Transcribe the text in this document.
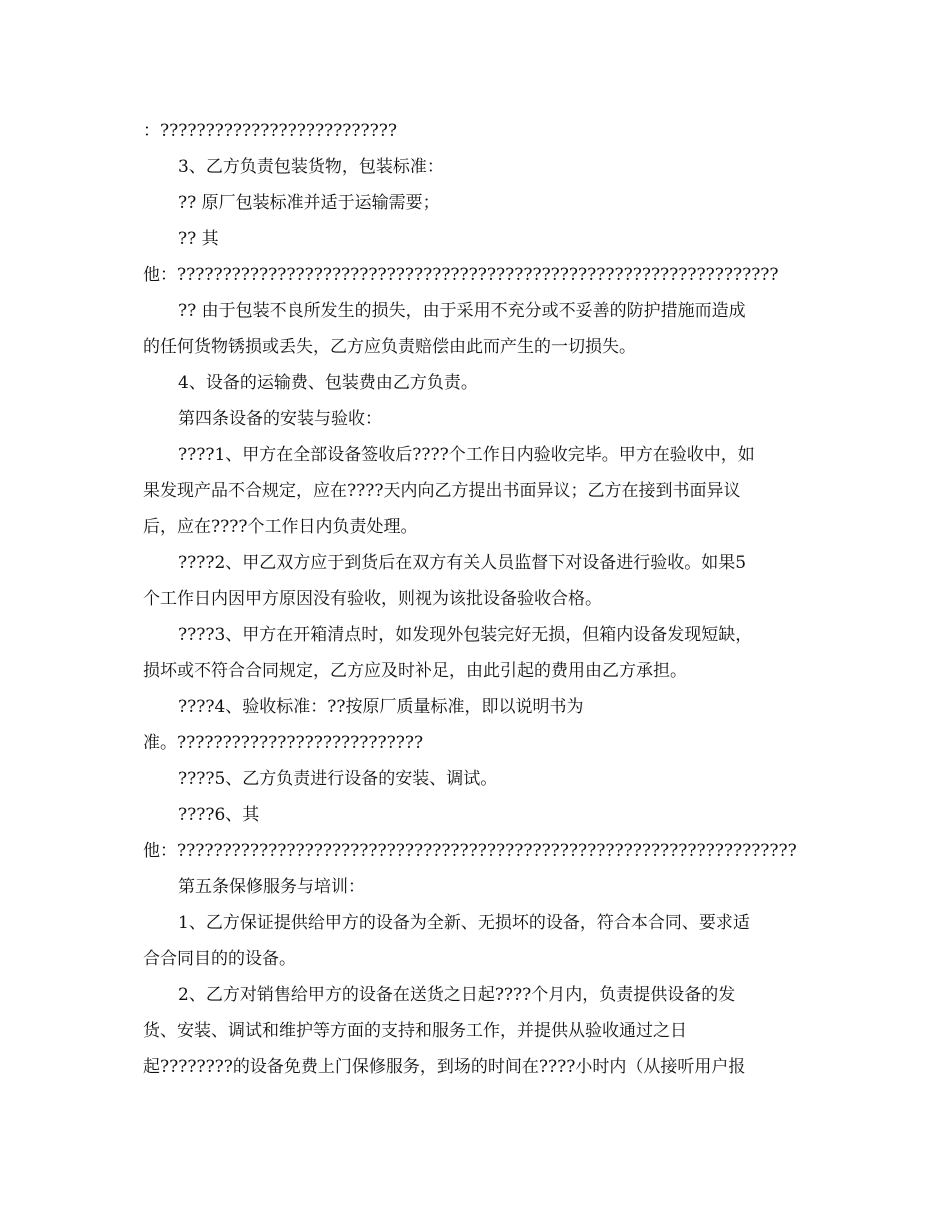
：??????????????????????????
3、乙方负责包装货物，包装标准：
?? 原厂包装标准并适于运输需要；
?? 其
他：??????????????????????????????????????????????????????????????????
?? 由于包装不良所发生的损失，由于采用不充分或不妥善的防护措施而造成
的任何货物锈损或丢失，乙方应负责赔偿由此而产生的一切损失。
4、设备的运输费、包装费由乙方负责。
第四条设备的安装与验收：
????1、甲方在全部设备签收后????个工作日内验收完毕。甲方在验收中，如
果发现产品不合规定，应在????天内向乙方提出书面异议；乙方在接到书面异议
后，应在????个工作日内负责处理。
????2、甲乙双方应于到货后在双方有关人员监督下对设备进行验收。如果5
个工作日内因甲方原因没有验收，则视为该批设备验收合格。
????3、甲方在开箱清点时，如发现外包装完好无损，但箱内设备发现短缺，
损坏或不符合合同规定，乙方应及时补足，由此引起的费用由乙方承担。
????4、验收标准：??按原厂质量标准，即以说明书为
准。???????????????????????????
????5、乙方负责进行设备的安装、调试。
????6、其
他：????????????????????????????????????????????????????????????????????
第五条保修服务与培训：
1、乙方保证提供给甲方的设备为全新、无损坏的设备，符合本合同、要求适
合合同目的的设备。
2、乙方对销售给甲方的设备在送货之日起????个月内，负责提供设备的发
货、安装、调试和维护等方面的支持和服务工作，并提供从验收通过之日
起????????的设备免费上门保修服务，到场的时间在????小时内（从接听用户报
